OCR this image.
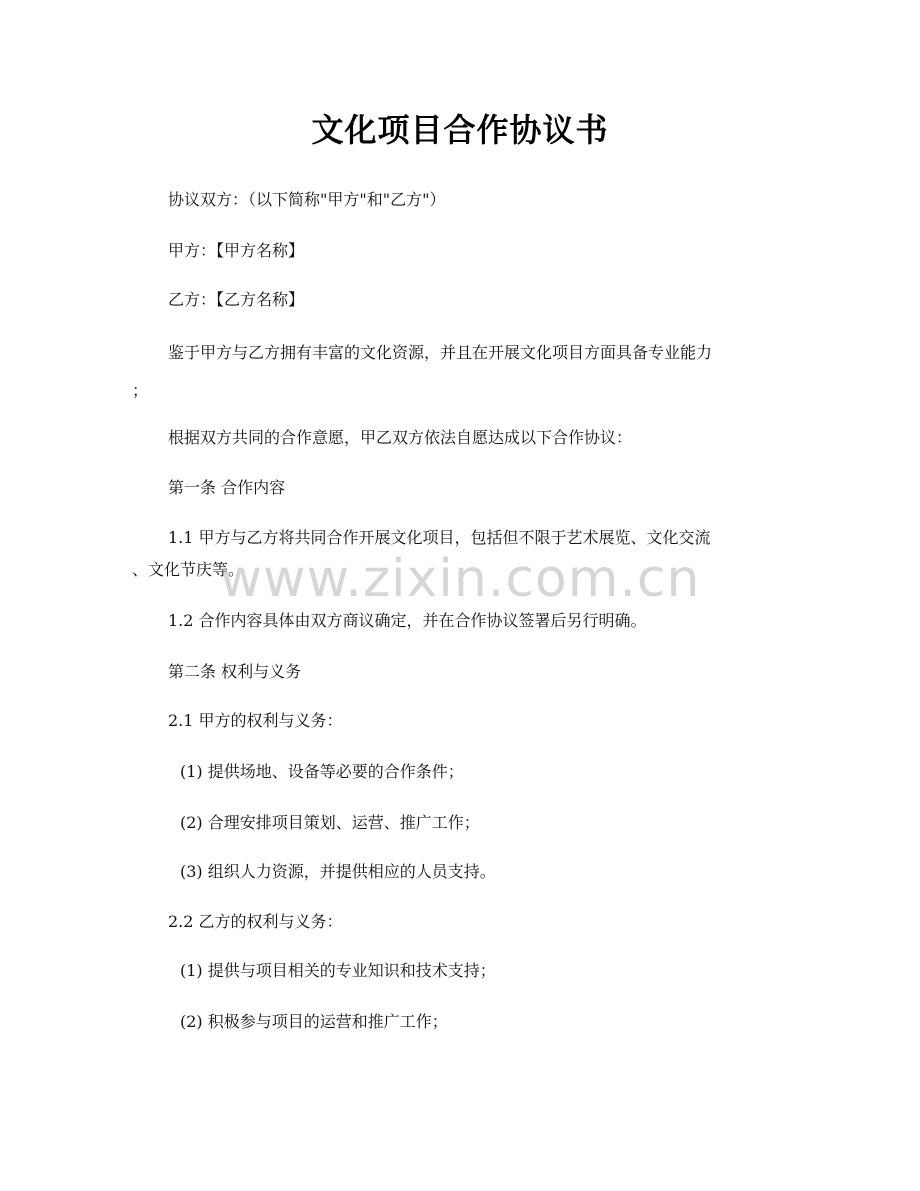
文化项目合作协议书
协议双方：（以下简称"甲方"和"乙方"）
甲方：【甲方名称】
乙方：【乙方名称】
鉴于甲方与乙方拥有丰富的文化资源，并且在开展文化项目方面具备专业能力
；
根据双方共同的合作意愿，甲乙双方依法自愿达成以下合作协议：
第一条 合作内容
1.1 甲方与乙方将共同合作开展文化项目，包括但不限于艺术展览、文化交流
、文化节庆等。
1.2 合作内容具体由双方商议确定，并在合作协议签署后另行明确。
第二条 权利与义务
2.1 甲方的权利与义务：
(1) 提供场地、设备等必要的合作条件；
(2) 合理安排项目策划、运营、推广工作；
(3) 组织人力资源，并提供相应的人员支持。
2.2 乙方的权利与义务：
(1) 提供与项目相关的专业知识和技术支持；
(2) 积极参与项目的运营和推广工作；
www.zixin.com.cn
